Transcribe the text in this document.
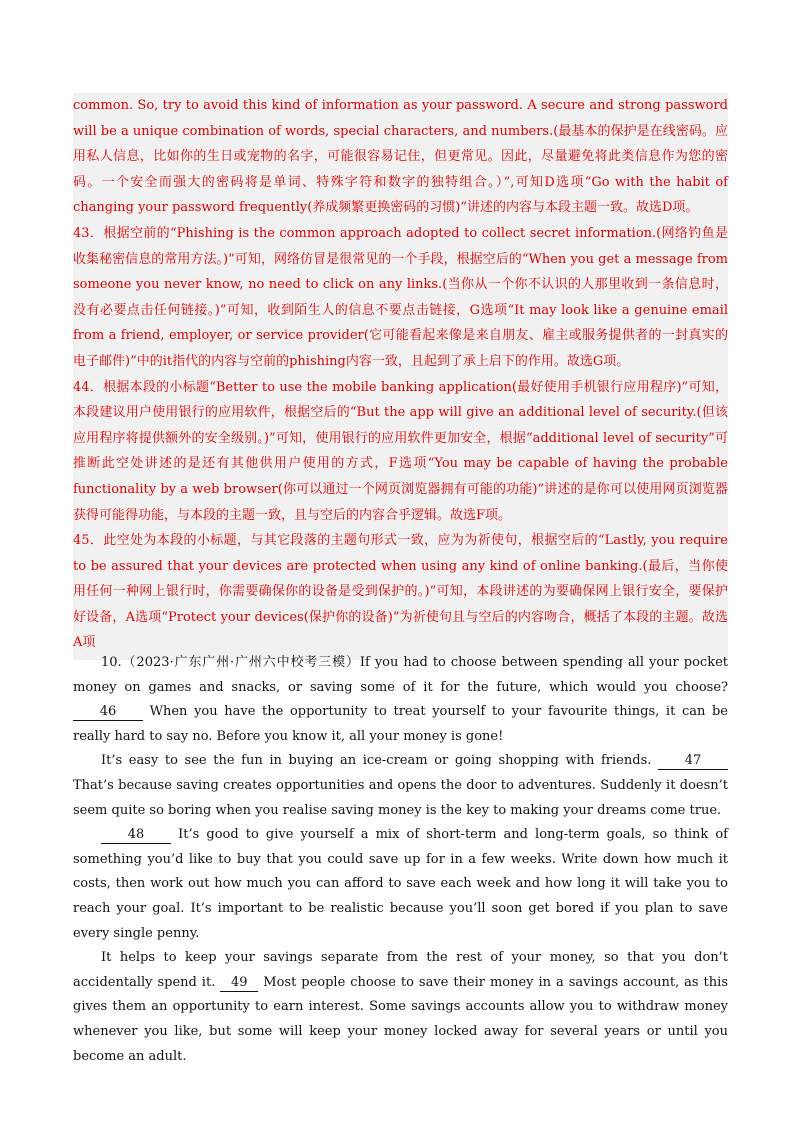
common. So, try to avoid this kind of information as your password. A secure and strong password will be a unique combination of words, special characters, and numbers.(最基本的保护是在线密码。应用私人信息，比如你的生日或宠物的名字，可能很容易记住，但更常见。因此，尽量避免将此类信息作为您的密码。一个安全而强大的密码将是单词、特殊字符和数字的独特组合。）”,可知D选项“Go with the habit of changing your password frequently(养成频繁更换密码的习惯)”讲述的内容与本段主题一致。故选D项。

43．根据空前的“Phishing is the common approach adopted to collect secret information.(网络钓鱼是收集秘密信息的常用方法。)”可知，网络仿冒是很常见的一个手段，根据空后的“When you get a message from someone you never know, no need to click on any links.(当你从一个你不认识的人那里收到一条信息时，没有必要点击任何链接。)”可知，收到陌生人的信息不要点击链接，G选项“It may look like a genuine email from a friend, employer, or service provider(它可能看起来像是来自朋友、雇主或服务提供者的一封真实的电子邮件)”中的it指代的内容与空前的phishing内容一致，且起到了承上启下的作用。故选G项。

44．根据本段的小标题“Better to use the mobile banking application(最好使用手机银行应用程序)”可知，本段建议用户使用银行的应用软件，根据空后的“But the app will give an additional level of security.(但该应用程序将提供额外的安全级别。)”可知，使用银行的应用软件更加安全，根据“additional level of security”可推断此空处讲述的是还有其他供用户使用的方式，F选项“You may be capable of having the probable functionality by a web browser(你可以通过一个网页浏览器拥有可能的功能)”讲述的是你可以使用网页浏览器获得可能得功能，与本段的主题一致，且与空后的内容合乎逻辑。故选F项。

45．此空处为本段的小标题，与其它段落的主题句形式一致，应为为祈使句，根据空后的“Lastly, you require to be assured that your devices are protected when using any kind of online banking.(最后，当你使用任何一种网上银行时，你需要确保你的设备是受到保护的。)”可知，本段讲述的为要确保网上银行安全，要保护好设备，A选项“Protect your devices(保护你的设备)”为祈使句且与空后的内容吻合，概括了本段的主题。故选A项

10.（2023·广东广州·广州六中校考三模）If you had to choose between spending all your pocket money on games and snacks, or saving some of it for the future, which would you choose? 46 When you have the opportunity to treat yourself to your favourite things, it can be really hard to say no. Before you know it, all your money is gone!

It’s easy to see the fun in buying an ice-cream or going shopping with friends. 47 That’s because saving creates opportunities and opens the door to adventures. Suddenly it doesn’t seem quite so boring when you realise saving money is the key to making your dreams come true.

48 It’s good to give yourself a mix of short-term and long-term goals, so think of something you’d like to buy that you could save up for in a few weeks. Write down how much it costs, then work out how much you can afford to save each week and how long it will take you to reach your goal. It’s important to be realistic because you’ll soon get bored if you plan to save every single penny.

It helps to keep your savings separate from the rest of your money, so that you don’t accidentally spend it. 49 Most people choose to save their money in a savings account, as this gives them an opportunity to earn interest. Some savings accounts allow you to withdraw money whenever you like, but some will keep your money locked away for several years or until you become an adult.
